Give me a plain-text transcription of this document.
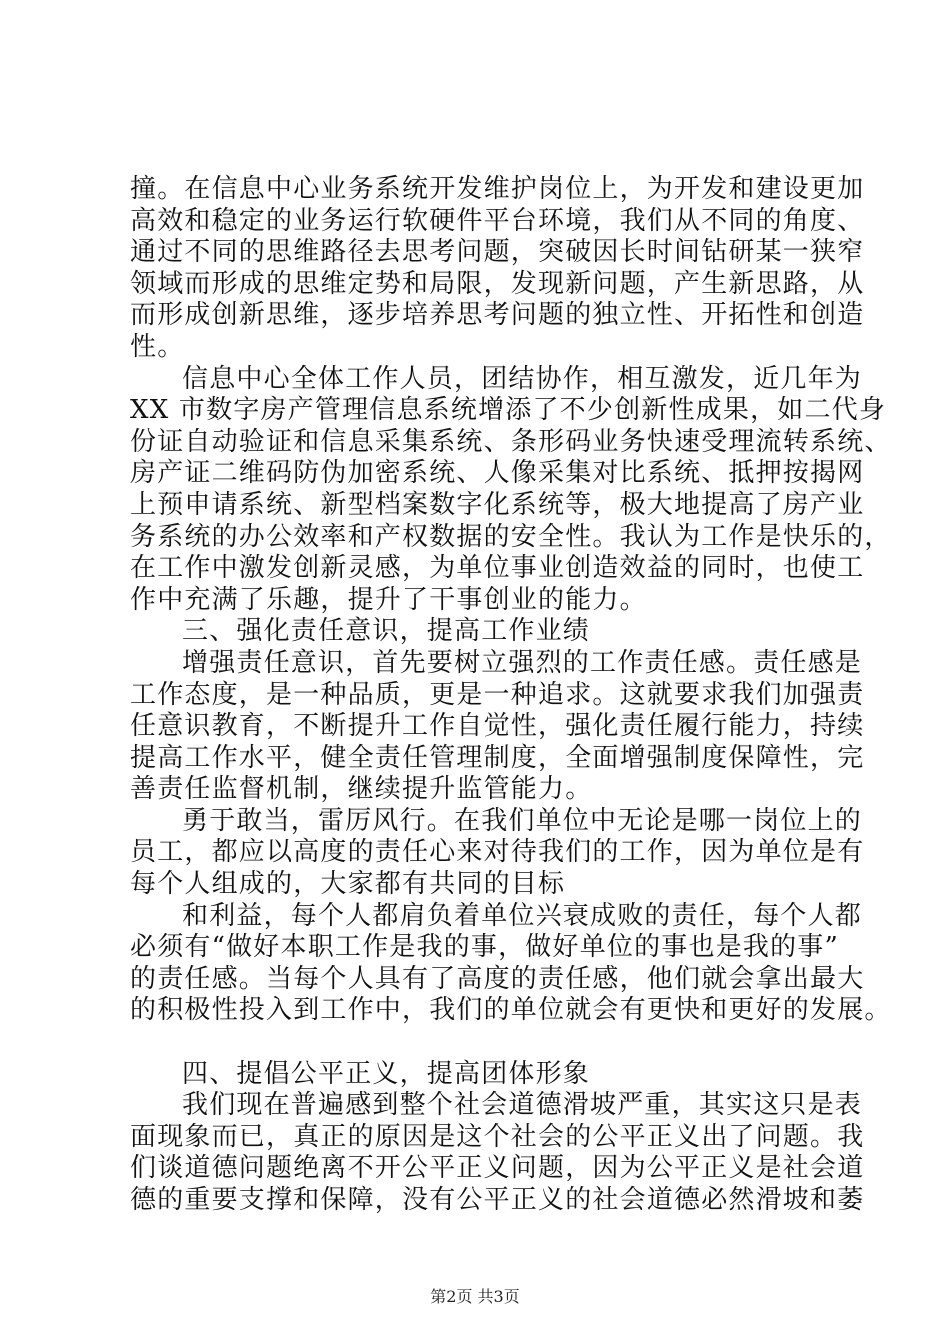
撞。在信息中心业务系统开发维护岗位上，为开发和建设更加
高效和稳定的业务运行软硬件平台环境，我们从不同的角度、
通过不同的思维路径去思考问题，突破因长时间钻研某一狭窄
领域而形成的思维定势和局限，发现新问题，产生新思路，从
而形成创新思维，逐步培养思考问题的独立性、开拓性和创造
性。
信息中心全体工作人员，团结协作，相互激发，近几年为
XX 市数字房产管理信息系统增添了不少创新性成果，如二代身
份证自动验证和信息采集系统、条形码业务快速受理流转系统、
房产证二维码防伪加密系统、人像采集对比系统、抵押按揭网
上预申请系统、新型档案数字化系统等，极大地提高了房产业
务系统的办公效率和产权数据的安全性。我认为工作是快乐的，
在工作中激发创新灵感，为单位事业创造效益的同时，也使工
作中充满了乐趣，提升了干事创业的能力。
三、强化责任意识，提高工作业绩
增强责任意识，首先要树立强烈的工作责任感。责任感是
工作态度，是一种品质，更是一种追求。这就要求我们加强责
任意识教育，不断提升工作自觉性，强化责任履行能力，持续
提高工作水平，健全责任管理制度，全面增强制度保障性，完
善责任监督机制，继续提升监管能力。
勇于敢当，雷厉风行。在我们单位中无论是哪一岗位上的
员工，都应以高度的责任心来对待我们的工作，因为单位是有
每个人组成的，大家都有共同的目标
和利益，每个人都肩负着单位兴衰成败的责任，每个人都
必须有“做好本职工作是我的事，做好单位的事也是我的事”
的责任感。当每个人具有了高度的责任感，他们就会拿出最大
的积极性投入到工作中，我们的单位就会有更快和更好的发展。
四、提倡公平正义，提高团体形象
我们现在普遍感到整个社会道德滑坡严重，其实这只是表
面现象而已，真正的原因是这个社会的公平正义出了问题。我
们谈道德问题绝离不开公平正义问题，因为公平正义是社会道
德的重要支撑和保障，没有公平正义的社会道德必然滑坡和萎
第2页 共3页
